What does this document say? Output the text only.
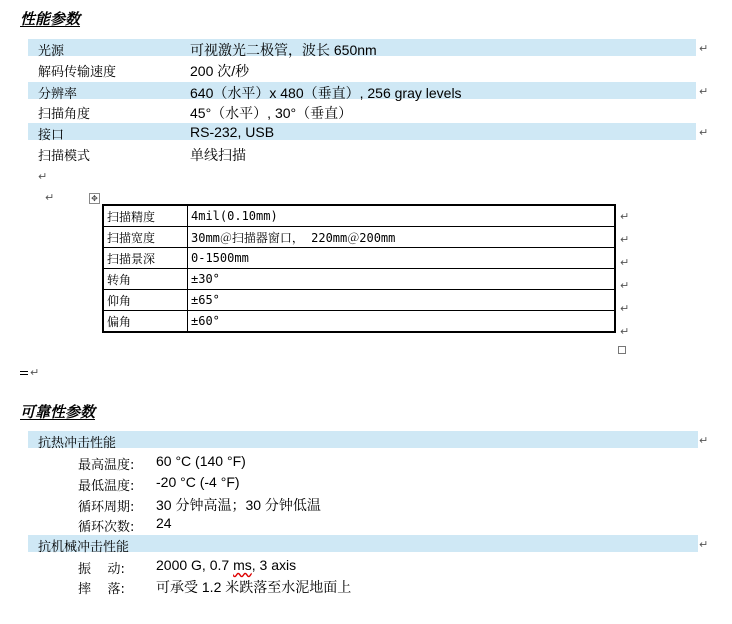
性能参数
光源	可视激光二极管，波长 650nm
解码传输速度	200 次/秒
分辨率	640（水平）x 480（垂直）, 256 gray levels
扫描角度	45°（水平）, 30°（垂直）
接口	RS-232, USB
扫描模式	单线扫描
↵
↵
↵
↵
↵	✥
扫描精度	4mil(0.10mm)
扫描宽度	30mm＠扫描器窗口， 220mm＠200mm
扫描景深	0-1500mm
转角	±30°
仰角	±65°
偏角	±60°
↵
↵
↵
↵
↵
↵
↵
可靠性参数
抗热冲击性能	↵
最高温度: 60 °C (140 °F)
最低温度: -20 °C (-4 °F)
循环周期: 30 分钟高温；30 分钟低温
循环次数: 24
抗机械冲击性能	↵
振    动: 2000 G, 0.7 ms, 3 axis
摔    落: 可承受 1.2 米跌落至水泥地面上
